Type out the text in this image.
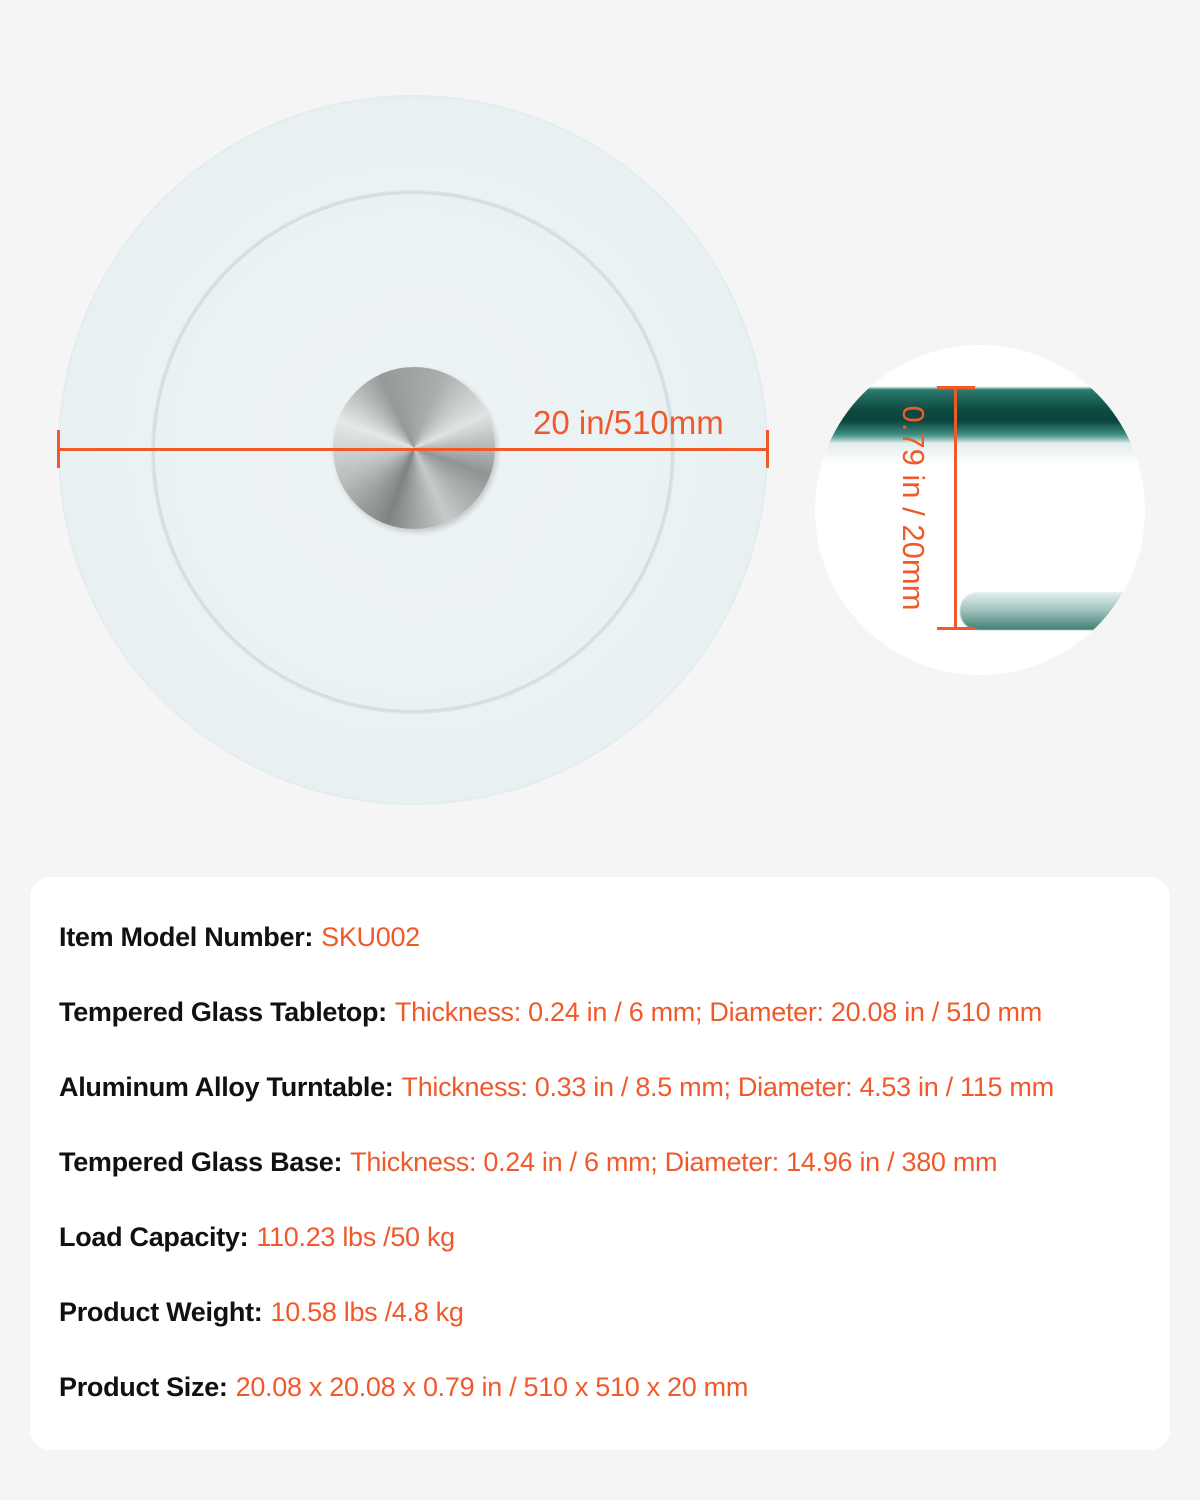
20 in/510mm	0.79 in / 20mm
Item Model Number: SKU002
Tempered Glass Tabletop: Thickness: 0.24 in / 6 mm; Diameter: 20.08 in / 510 mm
Aluminum Alloy Turntable: Thickness: 0.33 in / 8.5 mm; Diameter: 4.53 in / 115 mm
Tempered Glass Base: Thickness: 0.24 in / 6 mm; Diameter: 14.96 in / 380 mm
Load Capacity: 110.23 lbs /50 kg
Product Weight: 10.58 lbs /4.8 kg
Product Size: 20.08 x 20.08 x 0.79 in / 510 x 510 x 20 mm
